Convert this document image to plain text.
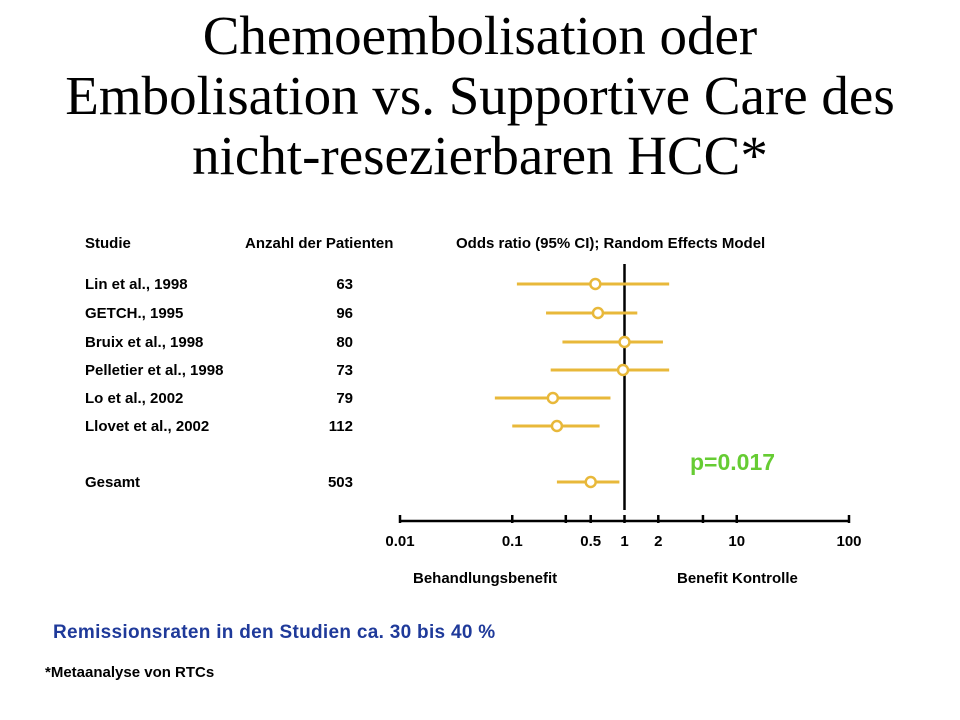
Chemoembolisation oder
Embolisation vs. Supportive Care des
nicht-resezierbaren HCC*
Studie	Anzahl der Patienten	Odds ratio (95% CI); Random Effects Model
Lin et al., 1998	63
GETCH., 1995	96
Bruix et al., 1998	80
Pelletier et al., 1998	73
Lo et al., 2002	79
Llovet et al., 2002	112
Gesamt	503
0.01	0.1	0.5 1 2	10	100
p=0.017
Behandlungsbenefit	Benefit Kontrolle
Remissionsraten in den Studien ca. 30 bis 40 %
*Metaanalyse von RTCs
